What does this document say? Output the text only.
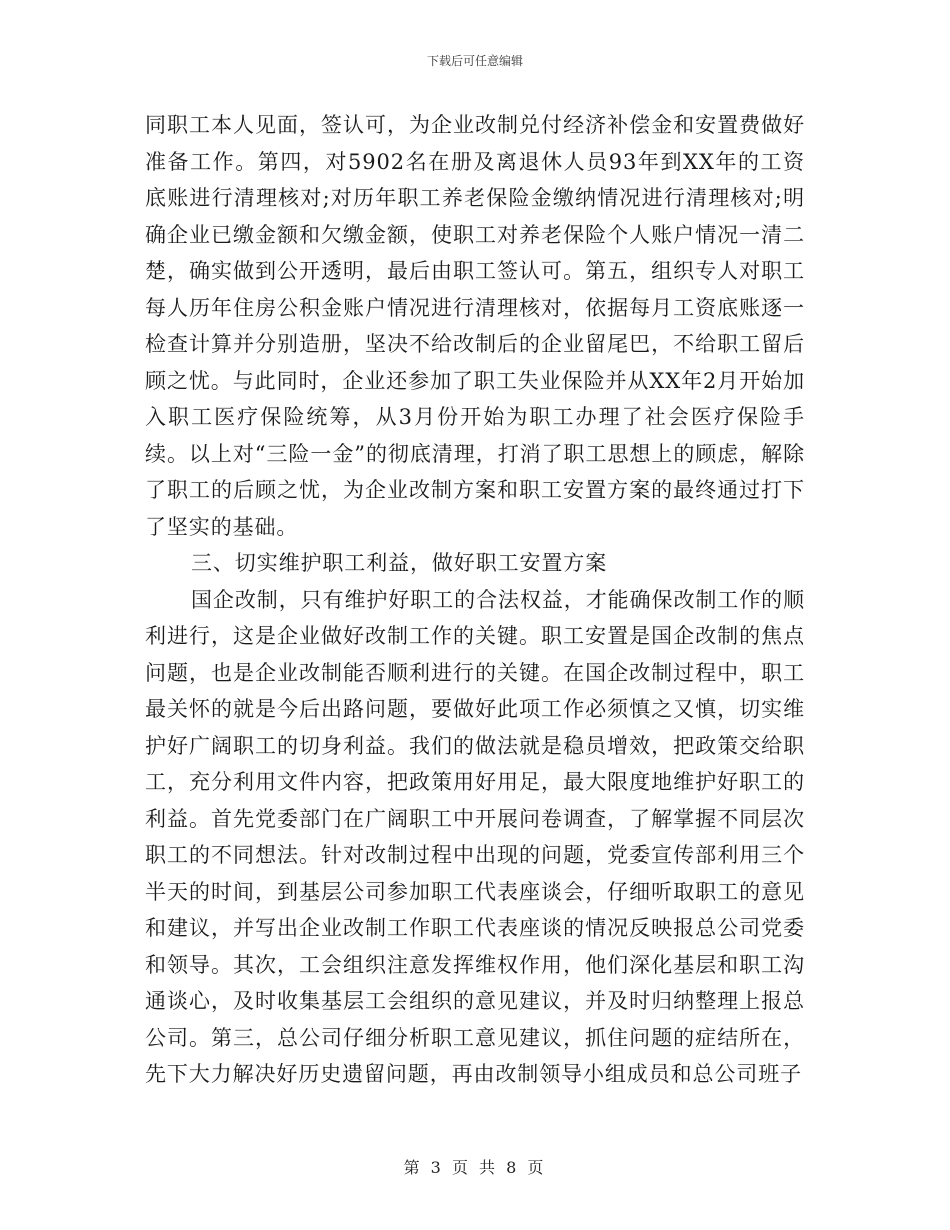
下载后可任意编辑

同职工本人见面，签认可，为企业改制兑付经济补偿金和安置费做好准备工作。第四，对5902名在册及离退休人员93年到XX年的工资底账进行清理核对;对历年职工养老保险金缴纳情况进行清理核对;明确企业已缴金额和欠缴金额，使职工对养老保险个人账户情况一清二楚，确实做到公开透明，最后由职工签认可。第五，组织专人对职工每人历年住房公积金账户情况进行清理核对，依据每月工资底账逐一检查计算并分别造册，坚决不给改制后的企业留尾巴，不给职工留后顾之忧。与此同时，企业还参加了职工失业保险并从XX年2月开始加入职工医疗保险统筹，从3月份开始为职工办理了社会医疗保险手续。以上对“三险一金”的彻底清理，打消了职工思想上的顾虑，解除了职工的后顾之忧，为企业改制方案和职工安置方案的最终通过打下了坚实的基础。

三、切实维护职工利益，做好职工安置方案

国企改制，只有维护好职工的合法权益，才能确保改制工作的顺利进行，这是企业做好改制工作的关键。职工安置是国企改制的焦点问题，也是企业改制能否顺利进行的关键。在国企改制过程中，职工最关怀的就是今后出路问题，要做好此项工作必须慎之又慎，切实维护好广阔职工的切身利益。我们的做法就是稳员增效，把政策交给职工，充分利用文件内容，把政策用好用足，最大限度地维护好职工的利益。首先党委部门在广阔职工中开展问卷调查，了解掌握不同层次职工的不同想法。针对改制过程中出现的问题，党委宣传部利用三个半天的时间，到基层公司参加职工代表座谈会，仔细听取职工的意见和建议，并写出企业改制工作职工代表座谈的情况反映报总公司党委和领导。其次，工会组织注意发挥维权作用，他们深化基层和职工沟通谈心，及时收集基层工会组织的意见建议，并及时归纳整理上报总公司。第三，总公司仔细分析职工意见建议，抓住问题的症结所在，先下大力解决好历史遗留问题，再由改制领导小组成员和总公司班子

第 3 页 共 8 页
